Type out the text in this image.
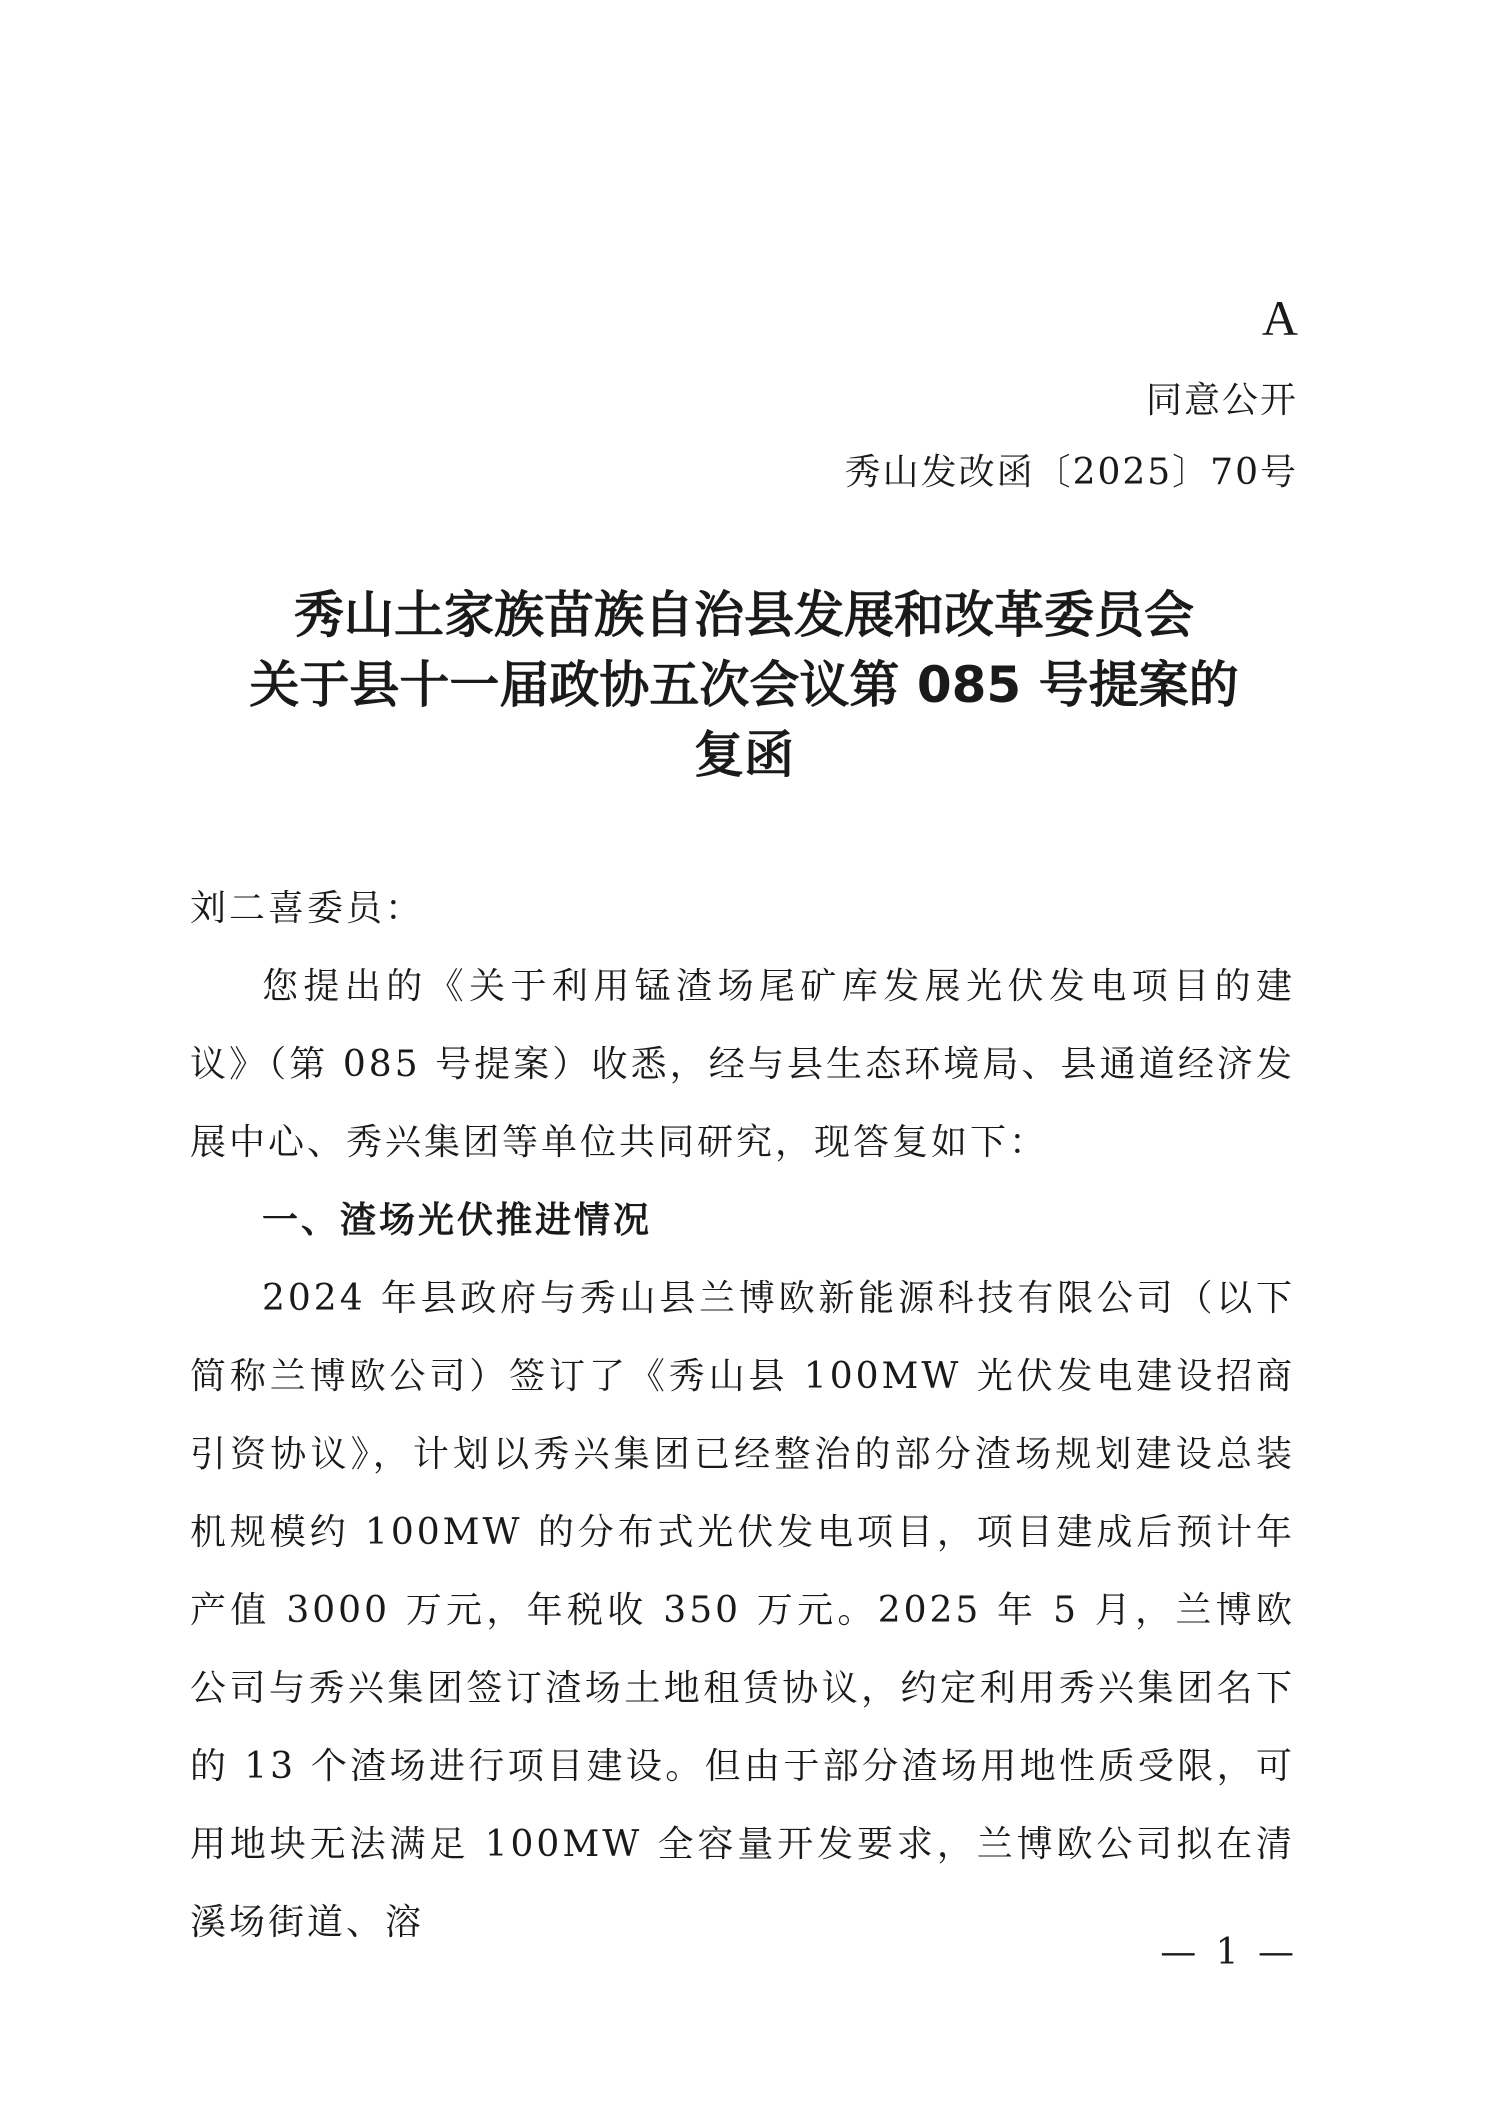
A
同意公开
秀山发改函〔2025〕70号
秀山土家族苗族自治县发展和改革委员会
关于县十一届政协五次会议第 085 号提案的
复函

刘二喜委员：

您提出的《关于利用锰渣场尾矿库发展光伏发电项目的建议》（第 085 号提案）收悉，经与县生态环境局、县通道经济发展中心、秀兴集团等单位共同研究，现答复如下：

一、渣场光伏推进情况

2024 年县政府与秀山县兰博欧新能源科技有限公司（以下简称兰博欧公司）签订了《秀山县 100MW 光伏发电建设招商引资协议》，计划以秀兴集团已经整治的部分渣场规划建设总装机规模约 100MW 的分布式光伏发电项目，项目建成后预计年产值 3000 万元，年税收 350 万元。2025 年 5 月，兰博欧公司与秀兴集团签订渣场土地租赁协议，约定利用秀兴集团名下的 13 个渣场进行项目建设。但由于部分渣场用地性质受限，可用地块无法满足 100MW 全容量开发要求，兰博欧公司拟在清溪场街道、溶

— 1 —
